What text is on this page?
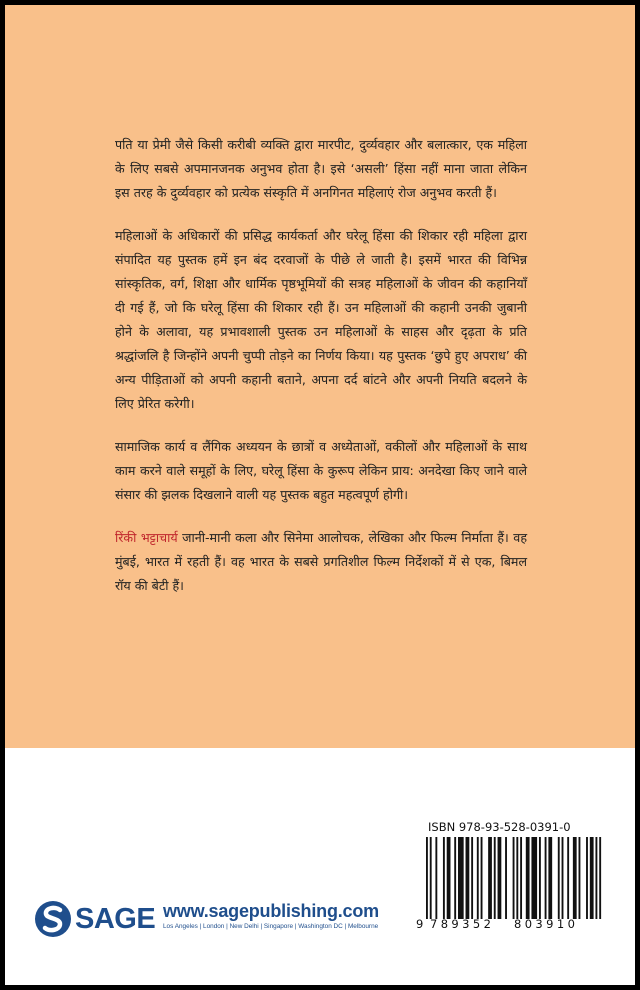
पति या प्रेमी जैसे किसी करीबी व्यक्ति द्वारा मारपीट, दुर्व्यवहार और बलात्कार, एक महिला के लिए सबसे अपमानजनक अनुभव होता है। इसे ‘असली’ हिंसा नहीं माना जाता लेकिन इस तरह के दुर्व्यवहार को प्रत्येक संस्कृति में अनगिनत महिलाएं रोज अनुभव करती हैं।

महिलाओं के अधिकारों की प्रसिद्ध कार्यकर्ता और घरेलू हिंसा की शिकार रही महिला द्वारा संपादित यह पुस्तक हमें इन बंद दरवाजों के पीछे ले जाती है। इसमें भारत की विभिन्न सांस्कृतिक, वर्ग, शिक्षा और धार्मिक पृष्ठभूमियों की सत्रह महिलाओं के जीवन की कहानियाँ दी गई हैं, जो कि घरेलू हिंसा की शिकार रही हैं। उन महिलाओं की कहानी उनकी जुबानी होने के अलावा, यह प्रभावशाली पुस्तक उन महिलाओं के साहस और दृढ़ता के प्रति श्रद्धांजलि है जिन्होंने अपनी चुप्पी तोड़ने का निर्णय किया। यह पुस्तक ‘छुपे हुए अपराध’ की अन्य पीड़िताओं को अपनी कहानी बताने, अपना दर्द बांटने और अपनी नियति बदलने के लिए प्रेरित करेगी।

सामाजिक कार्य व लैंगिक अध्ययन के छात्रों व अध्येताओं, वकीलों और महिलाओं के साथ काम करने वाले समूहों के लिए, घरेलू हिंसा के कुरूप लेकिन प्राय: अनदेखा किए जाने वाले संसार की झलक दिखलाने वाली यह पुस्तक बहुत महत्वपूर्ण होगी।

रिंकी भट्टाचार्य जानी-मानी कला और सिनेमा आलोचक, लेखिका और फिल्म निर्माता हैं। वह मुंबई, भारत में रहती हैं। वह भारत के सबसे प्रगतिशील फिल्म निर्देशकों में से एक, बिमल रॉय की बेटी हैं।

ISBN 978-93-528-0391-0
9 789352	803910
SAGE www.sagepublishing.com
Los Angeles | London | New Delhi | Singapore | Washington DC | Melbourne
